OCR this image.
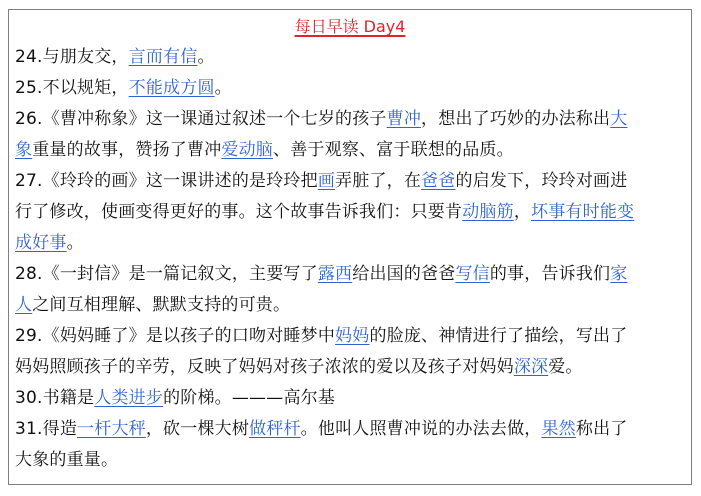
每日早读 Day4
24.与朋友交，言而有信。
25.不以规矩，不能成方圆。
26.《曹冲称象》这一课通过叙述一个七岁的孩子曹冲，想出了巧妙的办法称出大
象重量的故事，赞扬了曹冲爱动脑、善于观察、富于联想的品质。
27.《玲玲的画》这一课讲述的是玲玲把画弄脏了，在爸爸的启发下，玲玲对画进
行了修改，使画变得更好的事。这个故事告诉我们：只要肯动脑筋，坏事有时能变
成好事。
28.《一封信》是一篇记叙文，主要写了露西给出国的爸爸写信的事，告诉我们家
人之间互相理解、默默支持的可贵。
29.《妈妈睡了》是以孩子的口吻对睡梦中妈妈的脸庞、神情进行了描绘，写出了
妈妈照顾孩子的辛劳，反映了妈妈对孩子浓浓的爱以及孩子对妈妈深深爱。
30.书籍是人类进步的阶梯。———高尔基
31.得造一杆大秤，砍一棵大树做秤杆。他叫人照曹冲说的办法去做，果然称出了
大象的重量。
